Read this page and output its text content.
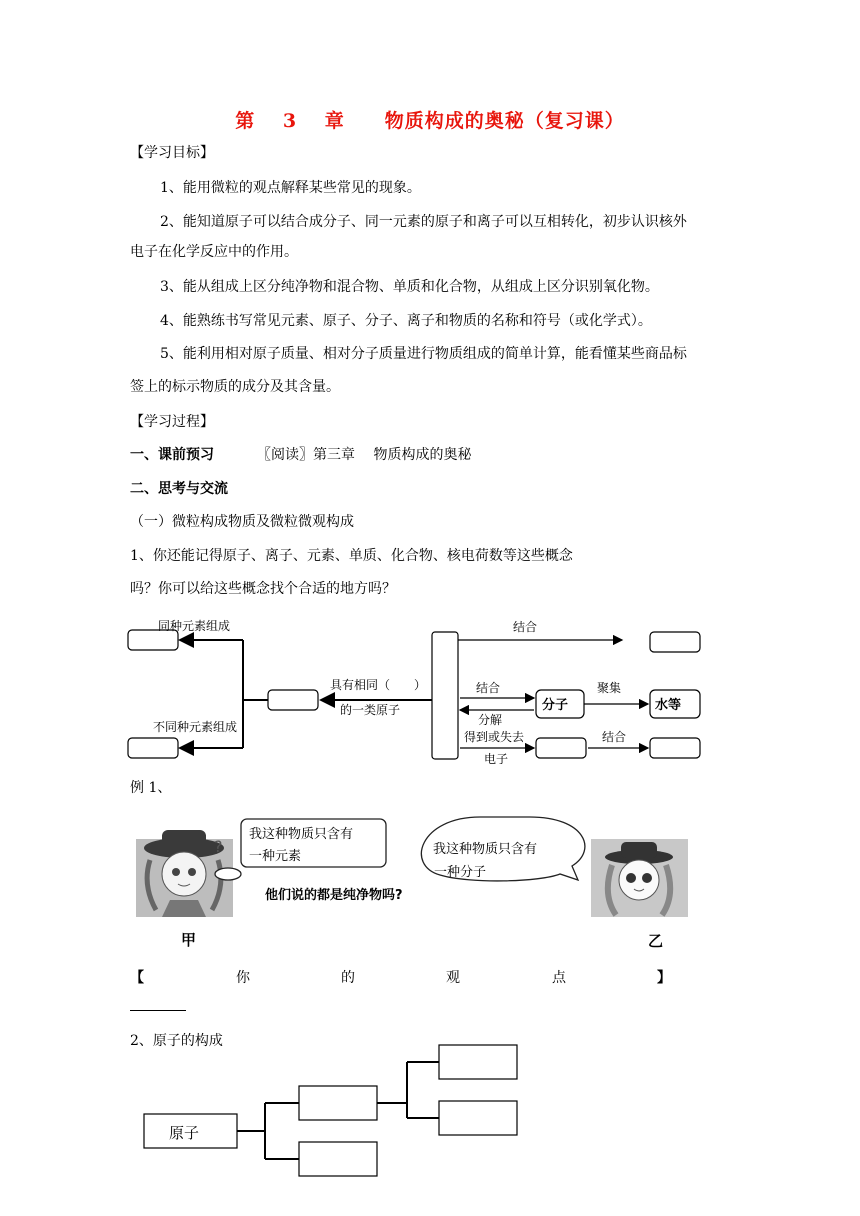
第 3 章　　物质构成的奥秘（复习课）
【学习目标】
1、能用微粒的观点解释某些常见的现象。
2、能知道原子可以结合成分子、同一元素的原子和离子可以互相转化，初步认识核外
电子在化学反应中的作用。
3、能从组成上区分纯净物和混合物、单质和化合物，从组成上区分识别氧化物。
4、能熟练书写常见元素、原子、分子、离子和物质的名称和符号（或化学式）。
5、能利用相对原子质量、相对分子质量进行物质组成的简单计算，能看懂某些商品标
签上的标示物质的成分及其含量。
【学习过程】
一、课前预习	〖阅读〗第三章　 物质构成的奥秘
二、思考与交流
（一）微粒构成物质及微粒微观构成
1、你还能记得原子、离子、元素、单质、化合物、核电荷数等这些概念
吗？你可以给这些概念找个合适的地方吗？
同种元素组成
不同种元素组成
具有相同（　　）
的一类原子
结合
结合
分解
分子
聚集
水等
得到或失去
电子
结合
例 1、
?
我这种物质只含有
一种元素	我这种物质只含有
一种分子
他们说的都是纯净物吗?
甲	乙
【	你	的	观	点	】
2、原子的构成
原子
